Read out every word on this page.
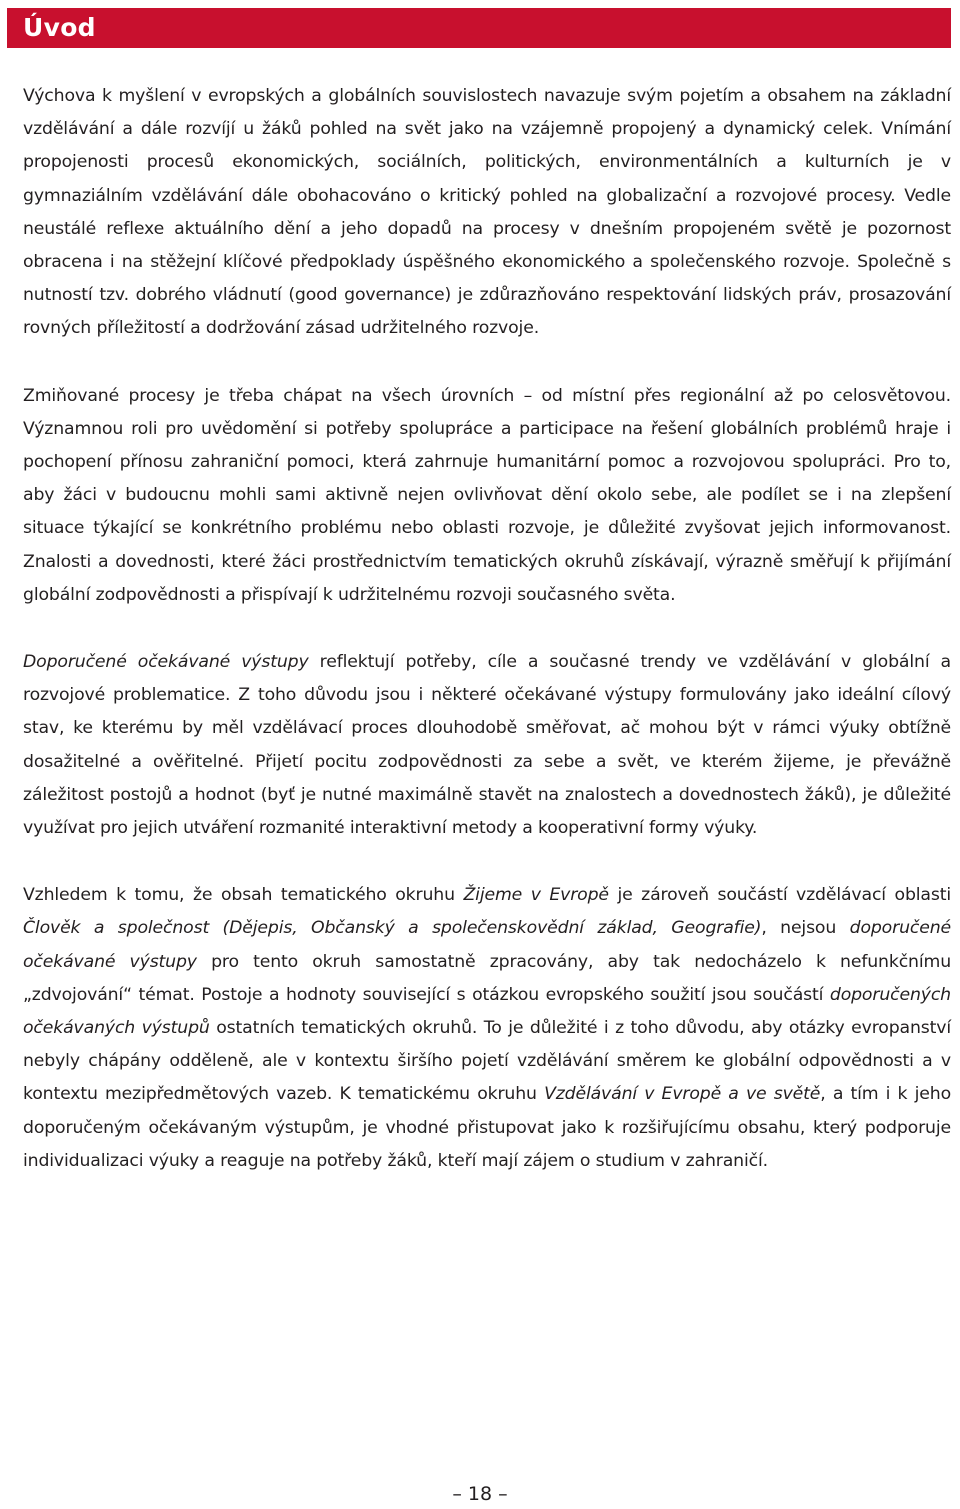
Úvod

Výchova k myšlení v evropských a globálních souvislostech navazuje svým pojetím a obsahem na základní vzdělávání a dále rozvíjí u žáků pohled na svět jako na vzájemně propojený a dynamický celek. Vnímání propojenosti procesů ekonomických, sociálních, politických, environmentálních a kulturních je v gymnaziálním vzdělávání dále obohacováno o kritický pohled na globalizační a rozvojové procesy. Vedle neustálé reflexe aktuálního dění a jeho dopadů na procesy v dnešním propojeném světě je pozornost obracena i na stěžejní klíčové předpoklady úspěšného ekonomického a společenského rozvoje. Společně s nutností tzv. dobrého vládnutí (good governance) je zdůrazňováno respektování lidských práv, prosazování rovných příležitostí a dodržování zásad udržitelného rozvoje.

Zmiňované procesy je třeba chápat na všech úrovních – od místní přes regionální až po celosvětovou. Významnou roli pro uvědomění si potřeby spolupráce a participace na řešení globálních problémů hraje i pochopení přínosu zahraniční pomoci, která zahrnuje humanitární pomoc a rozvojovou spolupráci. Pro to, aby žáci v budoucnu mohli sami aktivně nejen ovlivňovat dění okolo sebe, ale podílet se i na zlepšení situace týkající se konkrétního problému nebo oblasti rozvoje, je důležité zvyšovat jejich informovanost. Znalosti a dovednosti, které žáci prostřednictvím tematických okruhů získávají, výrazně směřují k přijímání globální zodpovědnosti a přispívají k udržitelnému rozvoji současného světa.

Doporučené očekávané výstupy reflektují potřeby, cíle a současné trendy ve vzdělávání v globální a rozvojové problematice. Z toho důvodu jsou i některé očekávané výstupy formulovány jako ideální cílový stav, ke kterému by měl vzdělávací proces dlouhodobě směřovat, ač mohou být v rámci výuky obtížně dosažitelné a ověřitelné. Přijetí pocitu zodpovědnosti za sebe a svět, ve kterém žijeme, je převážně záležitost postojů a hodnot (byť je nutné maximálně stavět na znalostech a dovednostech žáků), je důležité využívat pro jejich utváření rozmanité interaktivní metody a kooperativní formy výuky.

Vzhledem k tomu, že obsah tematického okruhu Žijeme v Evropě je zároveň součástí vzdělávací oblasti Člověk a společnost (Dějepis, Občanský a společenskovědní základ, Geografie), nejsou doporučené očekávané výstupy pro tento okruh samostatně zpracovány, aby tak nedocházelo k nefunkčnímu „zdvojování“ témat. Postoje a hodnoty související s otázkou evropského soužití jsou součástí doporučených očekávaných výstupů ostatních tematických okruhů. To je důležité i z toho důvodu, aby otázky evropanství nebyly chápány odděleně, ale v kontextu širšího pojetí vzdělávání směrem ke globální odpovědnosti a v kontextu mezipředmětových vazeb. K tematickému okruhu Vzdělávání v Evropě a ve světě, a tím i k jeho doporučeným očekávaným výstupům, je vhodné přistupovat jako k rozšiřujícímu obsahu, který podporuje individualizaci výuky a reaguje na potřeby žáků, kteří mají zájem o studium v zahraničí.

– 18 –
